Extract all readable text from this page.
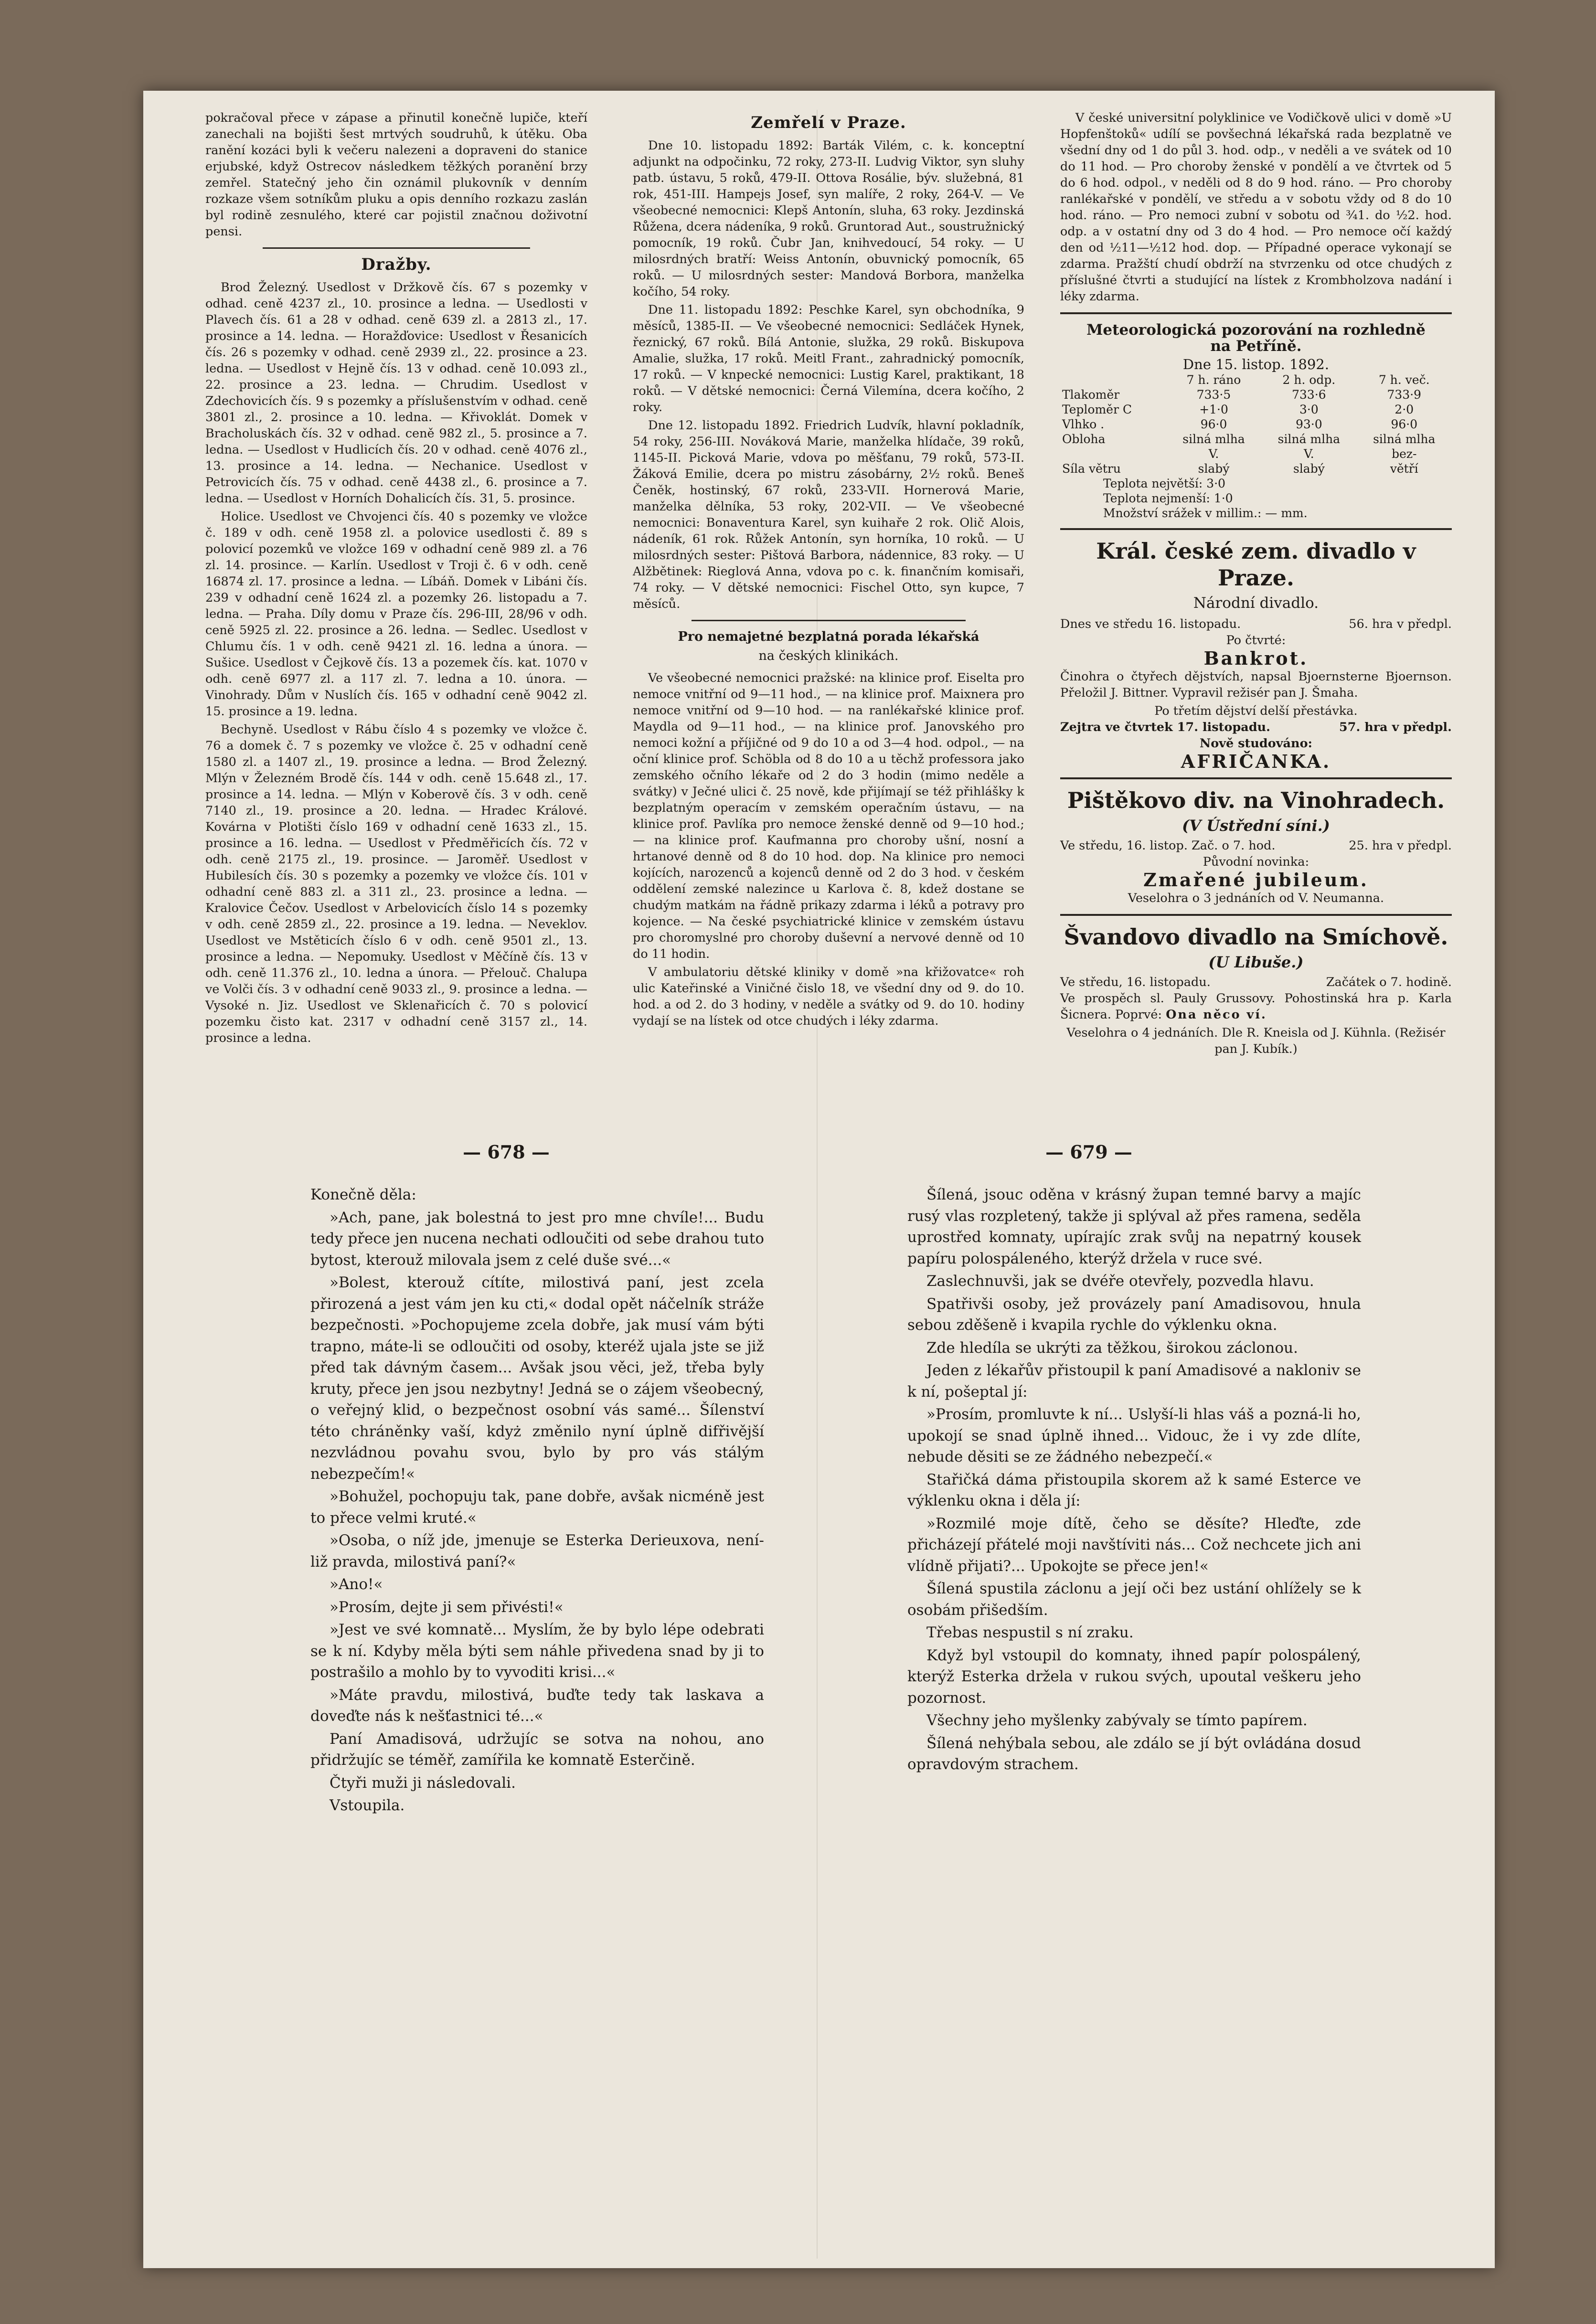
pokračoval přece v zápase a přinutil konečně lupiče, kteří zanechali na bojišti šest mrtvých soudruhů, k útěku. Oba ranění kozáci byli k večeru nalezeni a dopraveni do stanice erjubské, když Ostrecov následkem těžkých poranění brzy zemřel. Statečný jeho čin oznámil plukovník v denním rozkaze všem sotníkům pluku a opis denního rozkazu zaslán byl rodině zesnulého, které car pojistil značnou doživotní pensi.

Dražby.

Brod Železný. Usedlost v Držkově čís. 67 s pozemky v odhad. ceně 4237 zl., 10. prosince a ledna. — Usedlosti v Plavech čís. 61 a 28 v odhad. ceně 639 zl. a 2813 zl., 17. prosince a 14. ledna. — Horažďovice: Usedlost v Řesanicích čís. 26 s pozemky v odhad. ceně 2939 zl., 22. prosince a 23. ledna. — Usedlost v Hejně čís. 13 v odhad. ceně 10.093 zl., 22. prosince a 23. ledna. — Chrudim. Usedlost v Zdechovicích čís. 9 s pozemky a příslušenstvím v odhad. ceně 3801 zl., 2. prosince a 10. ledna. — Křivoklát. Domek v Bracholuskách čís. 32 v odhad. ceně 982 zl., 5. prosince a 7. ledna. — Usedlost v Hudlicích čís. 20 v odhad. ceně 4076 zl., 13. prosince a 14. ledna. — Nechanice. Usedlost v Petrovicích čís. 75 v odhad. ceně 4438 zl., 6. prosince a 7. ledna. — Usedlost v Horních Dohalicích čís. 31, 5. prosince.

Holice. Usedlost ve Chvojenci čís. 40 s pozemky ve vložce č. 189 v odh. ceně 1958 zl. a polovice usedlosti č. 89 s polovicí pozemků ve vložce 169 v odhadní ceně 989 zl. a 76 zl. 14. prosince. — Karlín. Usedlost v Troji č. 6 v odh. ceně 16874 zl. 17. prosince a ledna. — Líbáň. Domek v Libáni čís. 239 v odhadní ceně 1624 zl. a pozemky 26. listopadu a 7. ledna. — Praha. Díly domu v Praze čís. 296-III, 28/96 v odh. ceně 5925 zl. 22. prosince a 26. ledna. — Sedlec. Usedlost v Chlumu čís. 1 v odh. ceně 9421 zl. 16. ledna a února. — Sušice. Usedlost v Čejkově čís. 13 a pozemek čís. kat. 1070 v odh. ceně 6977 zl. a 117 zl. 7. ledna a 10. února. — Vinohrady. Dům v Nuslích čís. 165 v odhadní ceně 9042 zl. 15. prosince a 19. ledna.

Bechyně. Usedlost v Rábu číslo 4 s pozemky ve vložce č. 76 a domek č. 7 s pozemky ve vložce č. 25 v odhadní ceně 1580 zl. a 1407 zl., 19. prosince a ledna. — Brod Železný. Mlýn v Železném Brodě čís. 144 v odh. ceně 15.648 zl., 17. prosince a 14. ledna. — Mlýn v Koberově čís. 3 v odh. ceně 7140 zl., 19. prosince a 20. ledna. — Hradec Králové. Kovárna v Plotišti číslo 169 v odhadní ceně 1633 zl., 15. prosince a 16. ledna. — Usedlost v Předměřicích čís. 72 v odh. ceně 2175 zl., 19. prosince. — Jaroměř. Usedlost v Hubilesích čís. 30 s pozemky a pozemky ve vložce čís. 101 v odhadní ceně 883 zl. a 311 zl., 23. prosince a ledna. — Kralovice Čečov. Usedlost v Arbelovicích číslo 14 s pozemky v odh. ceně 2859 zl., 22. prosince a 19. ledna. — Neveklov. Usedlost ve Mstěticích číslo 6 v odh. ceně 9501 zl., 13. prosince a ledna. — Nepomuky. Usedlost v Měčíně čís. 13 v odh. ceně 11.376 zl., 10. ledna a února. — Přelouč. Chalupa ve Volči čís. 3 v odhadní ceně 9033 zl., 9. prosince a ledna. — Vysoké n. Jiz. Usedlost ve Sklenařicích č. 70 s polovicí pozemku čisto kat. 2317 v odhadní ceně 3157 zl., 14. prosince a ledna.

Zemřelí v Praze.

Dne 10. listopadu 1892: Barták Vilém, c. k. konceptní adjunkt na odpočinku, 72 roky, 273-II. Ludvig Viktor, syn sluhy patb. ústavu, 5 roků, 479-II. Ottova Rosálie, býv. služebná, 81 rok, 451-III. Hampejs Josef, syn malíře, 2 roky, 264-V. — Ve všeobecné nemocnici: Klepš Antonín, sluha, 63 roky. Jezdinská Růžena, dcera nádeníka, 9 roků. Gruntorad Aut., soustružnický pomocník, 19 roků. Čubr Jan, knihvedoucí, 54 roky. — U milosrdných bratří: Weiss Antonín, obuvnický pomocník, 65 roků. — U milosrdných sester: Mandová Borbora, manželka kočího, 54 roky.

Dne 11. listopadu 1892: Peschke Karel, syn obchodníka, 9 měsíců, 1385-II. — Ve všeobecné nemocnici: Sedláček Hynek, řeznický, 67 roků. Bílá Antonie, služka, 29 roků. Biskupova Amalie, služka, 17 roků. Meitl Frant., zahradnický pomocník, 17 roků. — V knpecké nemocnici: Lustig Karel, praktikant, 18 roků. — V dětské nemocnici: Černá Vilemína, dcera kočího, 2 roky.

Dne 12. listopadu 1892. Friedrich Ludvík, hlavní pokladník, 54 roky, 256-III. Nováková Marie, manželka hlídače, 39 roků, 1145-II. Picková Marie, vdova po měšťanu, 79 roků, 573-II. Žáková Emilie, dcera po mistru zásobárny, 2½ roků. Beneš Čeněk, hostinský, 67 roků, 233-VII. Hornerová Marie, manželka dělníka, 53 roky, 202-VII. — Ve všeobecné nemocnici: Bonaventura Karel, syn kuihaře 2 rok. Olič Alois, nádeník, 61 rok. Růžek Antonín, syn horníka, 10 roků. — U milosrdných sester: Pištová Barbora, nádennice, 83 roky. — U Alžbětinek: Rieglová Anna, vdova po c. k. finančním komisaři, 74 roky. — V dětské nemocnici: Fischel Otto, syn kupce, 7 měsíců.

Pro nemajetné bezplatná porada lékařská
na českých klinikách.

Ve všeobecné nemocnici pražské: na klinice prof. Eiselta pro nemoce vnitřní od 9—11 hod., — na klinice prof. Maixnera pro nemoce vnitřní od 9—10 hod. — na ranlékařské klinice prof. Maydla od 9—11 hod., — na klinice prof. Janovského pro nemoci kožní a příjičné od 9 do 10 a od 3—4 hod. odpol., — na oční klinice prof. Schöbla od 8 do 10 a u těchž professora jako zemského očního lékaře od 2 do 3 hodin (mimo neděle a svátky) v Ječné ulici č. 25 nově, kde přijímají se též přihlášky k bezplatným operacím v zemském operačním ústavu, — na klinice prof. Pavlíka pro nemoce ženské denně od 9—10 hod.; — na klinice prof. Kaufmanna pro choroby ušní, nosní a hrtanové denně od 8 do 10 hod. dop. Na klinice pro nemoci kojících, narozenců a kojenců denně od 2 do 3 hod. v českém oddělení zemské nalezince u Karlova č. 8, kdež dostane se chudým matkám na řádně prikazy zdarma i léků a potravy pro kojence. — Na české psychiatrické klinice v zemském ústavu pro choromyslné pro choroby duševní a nervové denně od 10 do 11 hodin.

V ambulatoriu dětské kliniky v domě »na křižovatce« roh ulic Kateřinské a Viničné čislo 18, ve všední dny od 9. do 10. hod. a od 2. do 3 hodiny, v neděle a svátky od 9. do 10. hodiny vydají se na lístek od otce chudých i léky zdarma.

V české universitní polyklinice ve Vodičkově ulici v domě »U Hopfenštoků« udílí se povšechná lékařská rada bezplatně ve všední dny od 1 do půl 3. hod. odp., v neděli a ve svátek od 10 do 11 hod. — Pro choroby ženské v pondělí a ve čtvrtek od 5 do 6 hod. odpol., v neděli od 8 do 9 hod. ráno. — Pro choroby ranlékařské v pondělí, ve středu a v sobotu vždy od 8 do 10 hod. ráno. — Pro nemoci zubní v sobotu od ¾1. do ½2. hod. odp. a v ostatní dny od 3 do 4 hod. — Pro nemoce očí každý den od ½11—½12 hod. dop. — Případné operace vykonají se zdarma. Pražští chudí obdrží na stvrzenku od otce chudých z příslušné čtvrti a studující na lístek z Krombholzova nadání i léky zdarma.

Meteorologická pozorování na rozhledně
na Petříně.
Dne 15. listop. 1892.
	7 h. ráno	2 h. odp.	7 h. več.
Tlakoměr	733·5	733·6	733·9
Teploměr C	+1·0	3·0	2·0
Vlhko .	96·0	93·0	96·0
Obloha	silná mlha	silná mlha	silná mlha
	V.	V.	bez-
Síla větru	slabý	slabý	větří
Teplota největší: 3·0
Teplota nejmenší: 1·0
Množství srážek v millim.: — mm.
Král. české zem. divadlo v Praze.
Národní divadlo.
Dnes ve středu 16. listopadu.	56. hra v předpl.
Po čtvrté:
Bankrot.

Činohra o čtyřech dějstvích, napsal Bjoernsterne Bjoernson. Přeložil J. Bittner. Vypravil režisér pan J. Šmaha.

Po třetím dějství delší přestávka.
Zejtra ve čtvrtek 17. listopadu.	57. hra v předpl.
Nově studováno:
AFRIČANKA.
Pištěkovo div. na Vinohradech.
(V Ústřední síni.)
Ve středu, 16. listop. Zač. o 7. hod.	25. hra v předpl.
Původní novinka:
Zmařené jubileum.
Veselohra o 3 jednáních od V. Neumanna.
Švandovo divadlo na Smíchově.
(U Libuše.)
Ve středu, 16. listopadu.	Začátek o 7. hodině.

Ve prospěch sl. Pauly Grussovy. Pohostinská hra p. Karla Šicnera. Poprvé: Ona něco ví.

Veselohra o 4 jednáních. Dle R. Kneisla od J. Kühnla. (Režisér pan J. Kubík.)
— 678 —	— 679 —

Konečně děla:

»Ach, pane, jak bolestná to jest pro mne chvíle!... Budu tedy přece jen nucena nechati odloučiti od sebe drahou tuto bytost, kterouž milovala jsem z celé duše své...«

»Bolest, kterouž cítíte, milostivá paní, jest zcela přirozená a jest vám jen ku cti,« dodal opět náčelník stráže bezpečnosti. »Pochopujeme zcela dobře, jak musí vám býti trapno, máte-li se odloučiti od osoby, kteréž ujala jste se již před tak dávným časem... Avšak jsou věci, jež, třeba byly kruty, přece jen jsou nezbytny! Jedná se o zájem všeobecný, o veřejný klid, o bezpečnost osobní vás samé... Šílenství této chráněnky vaší, kdyż změnilo nyní úplně difřivější nezvládnou povahu svou, bylo by pro vás stálým nebezpečím!«

»Bohužel, pochopuju tak, pane dobře, avšak nicméně jest to přece velmi kruté.«

»Osoba, o níž jde, jmenuje se Esterka Derieuxova, není-liž pravda, milostivá paní?«

»Ano!«

»Prosím, dejte ji sem přivésti!«

»Jest ve své komnatě... Myslím, že by bylo lépe odebrati se k ní. Kdyby měla býti sem náhle přivedena snad by ji to postrašilo a mohlo by to vyvoditi krisi...«

»Máte pravdu, milostivá, buďte tedy tak laskava a doveďte nás k nešťastnici té...«

Paní Amadisová, udržujíc se sotva na nohou, ano přidržujíc se téměř, zamířila ke komnatě Esterčině.

Čtyři muži ji následovali.

Vstoupila.

Šílená, jsouc oděna v krásný župan temné barvy a majíc rusý vlas rozpletený, takže ji splýval až přes ramena, seděla uprostřed komnaty, upírajíc zrak svůj na nepatrný kousek papíru polospáleného, kterýž držela v ruce své.

Zaslechnuvši, jak se dvéře otevřely, pozvedla hlavu.

Spatřivši osoby, jež provázely paní Amadisovou, hnula sebou zděšeně i kvapila rychle do výklenku okna.

Zde hledíla se ukrýti za těžkou, širokou záclonou.

Jeden z lékařův přistoupil k paní Amadisové a nakloniv se k ní, pošeptal jí:

»Prosím, promluvte k ní... Uslyší-li hlas váš a pozná-li ho, upokojí se snad úplně ihned... Vidouc, že i vy zde dlíte, nebude děsiti se ze žádného nebezpečí.«

Stařičká dáma přistoupila skorem až k samé Esterce ve výklenku okna i děla jí:

»Rozmilé moje dítě, čeho se děsíte? Hleďte, zde přicházejí přátelé moji navštíviti nás... Což nechcete jich ani vlídně přijati?... Upokojte se přece jen!«

Šílená spustila záclonu a její oči bez ustání ohlížely se k osobám přišedším.

Třebas nespustil s ní zraku.

Když byl vstoupil do komnaty, ihned papír polospálený, kterýž Esterka držela v rukou svých, upoutal veškeru jeho pozornost.

Všechny jeho myšlenky zabývaly se tímto papírem.

Šílená nehýbala sebou, ale zdálo se jí být ovládána dosud opravdovým strachem.
